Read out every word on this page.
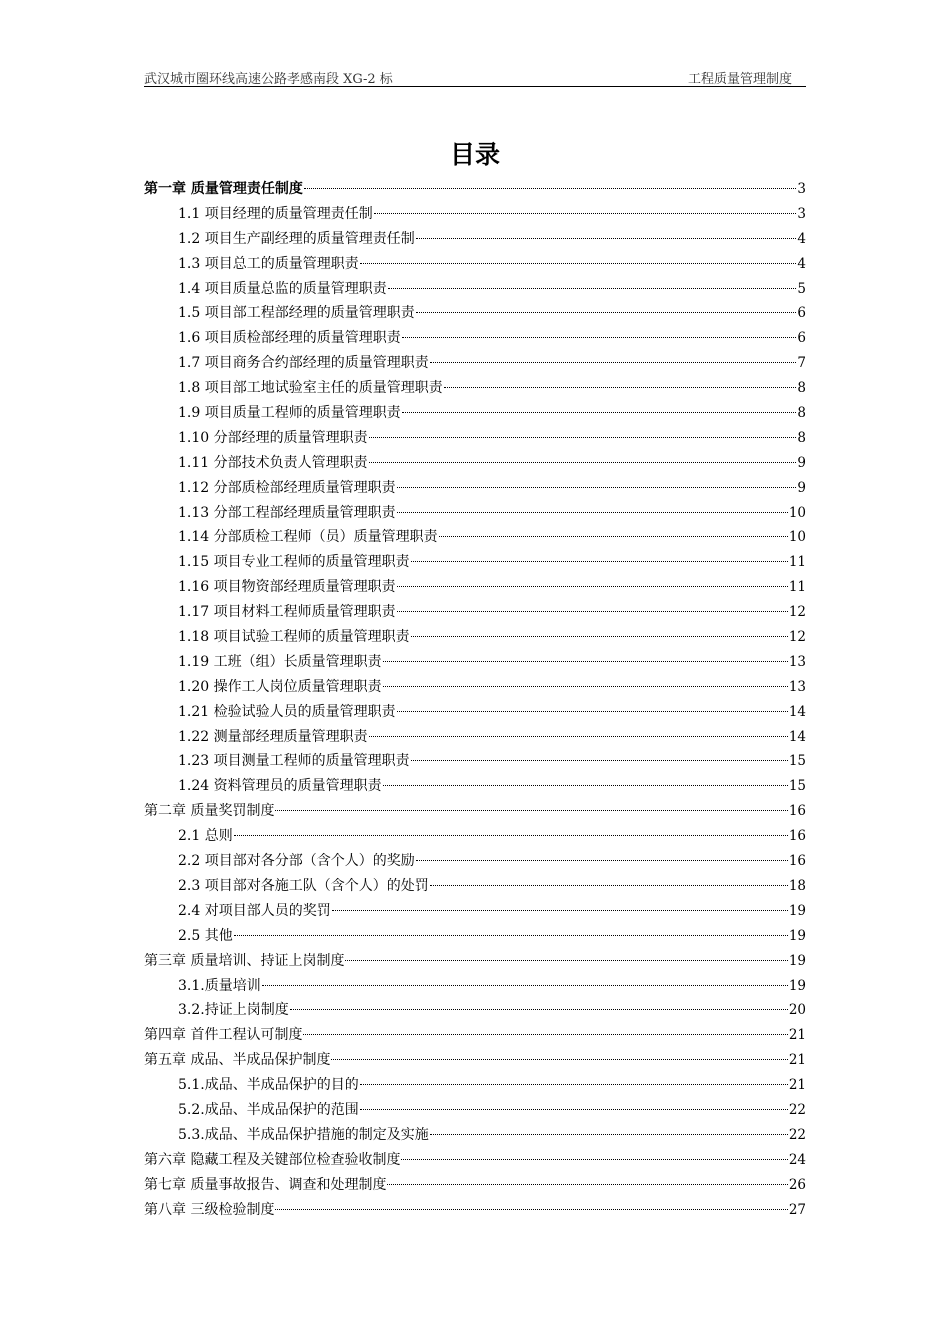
武汉城市圈环线高速公路孝感南段 XG-2 标	工程质量管理制度
目录
第一章 质量管理责任制度	3
1.1 项目经理的质量管理责任制	3
1.2 项目生产副经理的质量管理责任制	4
1.3 项目总工的质量管理职责	4
1.4 项目质量总监的质量管理职责	5
1.5 项目部工程部经理的质量管理职责	6
1.6 项目质检部经理的质量管理职责	6
1.7 项目商务合约部经理的质量管理职责	7
1.8 项目部工地试验室主任的质量管理职责	8
1.9 项目质量工程师的质量管理职责	8
1.10 分部经理的质量管理职责	8
1.11 分部技术负责人管理职责	9
1.12 分部质检部经理质量管理职责	9
1.13 分部工程部经理质量管理职责	10
1.14 分部质检工程师（员）质量管理职责	10
1.15 项目专业工程师的质量管理职责	11
1.16 项目物资部经理质量管理职责	11
1.17 项目材料工程师质量管理职责	12
1.18 项目试验工程师的质量管理职责	12
1.19 工班（组）长质量管理职责	13
1.20 操作工人岗位质量管理职责	13
1.21 检验试验人员的质量管理职责	14
1.22 测量部经理质量管理职责	14
1.23 项目测量工程师的质量管理职责	15
1.24 资料管理员的质量管理职责	15
第二章 质量奖罚制度	16
2.1 总则	16
2.2 项目部对各分部（含个人）的奖励	16
2.3 项目部对各施工队（含个人）的处罚	18
2.4 对项目部人员的奖罚	19
2.5 其他	19
第三章 质量培训、持证上岗制度	19
3.1.质量培训	19
3.2.持证上岗制度	20
第四章 首件工程认可制度	21
第五章 成品、半成品保护制度	21
5.1.成品、半成品保护的目的	21
5.2.成品、半成品保护的范围	22
5.3.成品、半成品保护措施的制定及实施	22
第六章 隐藏工程及关键部位检查验收制度	24
第七章 质量事故报告、调查和处理制度	26
第八章 三级检验制度	27
